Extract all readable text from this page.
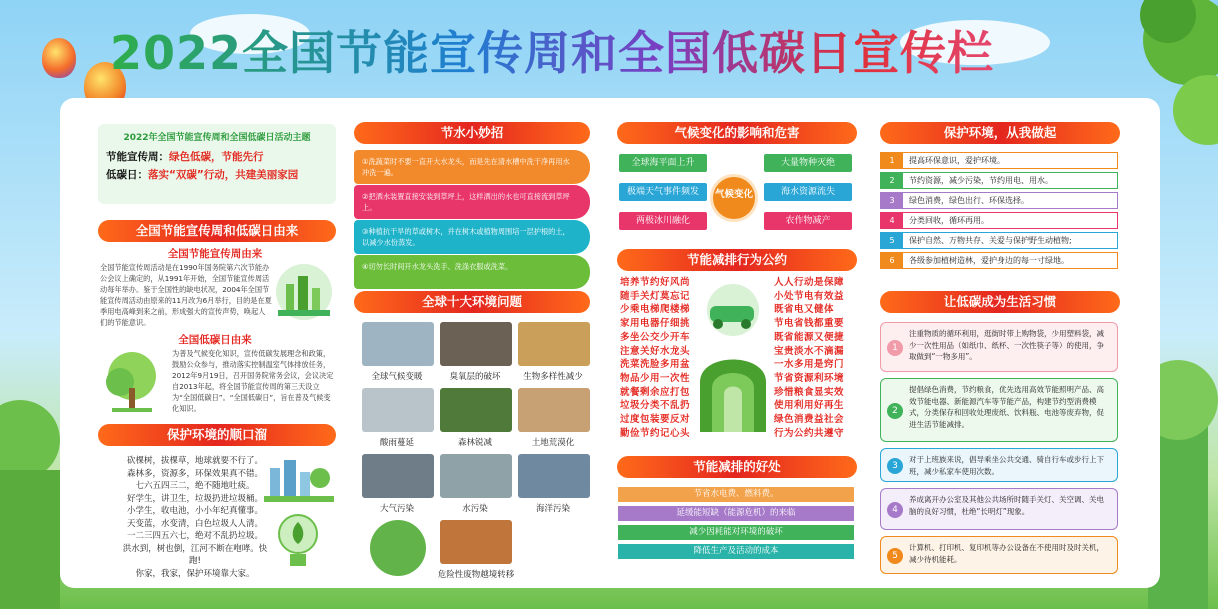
2022全国节能宣传周和全国低碳日宣传栏
2022年全国节能宣传周和全国低碳日活动主题
节能宣传周：绿色低碳，节能先行
低碳日：落实“双碳”行动，共建美丽家园
全国节能宣传周和低碳日由来
全国节能宣传周由来
全国节能宣传周活动是在1990年国务院第六次节能办公会议上确定的，从1991年开始，全国节能宣传周活动每年举办。鉴于全国性的缺电状况，2004年全国节能宣传周活动由原来的11月改为6月举行，目的是在夏季用电高峰到来之前，形成强大的宣传声势，唤起人们的节能意识。
全国低碳日由来
为普及气候变化知识，宣传低碳发展理念和政策，鼓励公众参与，推动落实控制温室气体排放任务，2012年9月19日，召开国务院常务会议，会议决定自2013年起，将全国节能宣传周的第三天设立为“全国低碳日”。“全国低碳日”，旨在普及气候变化知识。
保护环境的顺口溜
砍棵树，拔棵草，地球就要不行了。
森林多，资源多，环保效果真不错。
七六五四三二，绝不随地吐痰。
好学生，讲卫生，垃圾扔进垃圾桶。
小学生，收电池，小小年纪真懂事。
天变蓝，水变清，白色垃圾人人清。
一二三四五六七，绝对不乱扔垃圾。
洪水到，树也倒，江河不断在咆哮。快跑!
你家，我家，保护环境靠大家。
节水小妙招
①洗蔬菜时不要一直开大水龙头，而是先在清水槽中洗干净再用水冲洗一遍。
②把洒水装置直接安装到草坪上，这样洒出的水也可直接流到草坪上。
③种植抗干旱的草或树木，并在树木或植物周围培一层护根的土，以减少水份蒸发。
④切勿长时间开水龙头洗手、洗涤衣服或洗菜。
全球十大环境问题
全球气候变暖	臭氧层的破坏	生物多样性减少
酸雨蔓延	森林锐减	土地荒漠化
大气污染	水污染	海洋污染
危险性废物越境转移
气候变化的影响和危害
全球海平面上升
极端天气事件频发
两极冰川融化
大量物种灭绝
海水资源流失
农作物减产
气候变化
节能减排行为公约
培养节约好风尚
随手关灯莫忘记
少乘电梯爬楼梯
家用电器仔细挑
多坐公交少开车
注意关好水龙头
洗菜洗脸多用盆
物品少用一次性
就餐剩余应打包
垃圾分类不乱扔
过度包装要反对
勤俭节约记心头
人人行动是保障
小处节电有效益
既省电又健体
节电省钱都重要
既省能源又便捷
宝贵淡水不滴漏
一水多用是窍门
节省资源利环境
珍惜粮食显实效
使用利用好再生
绿色消费益社会
行为公约共遵守
节能减排的好处
节省水电费、燃料费。
延缓能短缺（能源危机）的来临
减少因耗能对环境的破坏
降低生产及活动的成本
保护环境，从我做起
1	提高环保意识，爱护环境。
2	节约资源，减少污染，节约用电、用水。
3	绿色消费，绿色出行、环保选择。
4	分类回收，循环再用。
5	保护自然、万物共存、关爱与保护野生动植物;
6	各级参加植树造林，爱护身边的每一寸绿地。
让低碳成为生活习惯
1
注重物质的循环利用，逛街时带上购物袋，少用塑料袋，减少一次性用品（如纸巾、纸杯、一次性筷子等）的使用，争取做到“一物多用”。
2
提倡绿色消费，节约粮食，优先选用高效节能照明产品、高效节能电器、新能源汽车等节能产品，构建节约型消费模式，分类保存和回收处理废纸、饮料瓶、电池等废弃物，促进生活节能减排。
3
对于上班族来说，倡导乘坐公共交通、骑自行车或步行上下班，减少私家车使用次数。
4
养成离开办公室及其他公共场所时随手关灯、关空调、关电脑的良好习惯，杜绝“长明灯”现象。
5
计算机、打印机、复印机等办公设备在不使用时及时关机，减少待机能耗。
